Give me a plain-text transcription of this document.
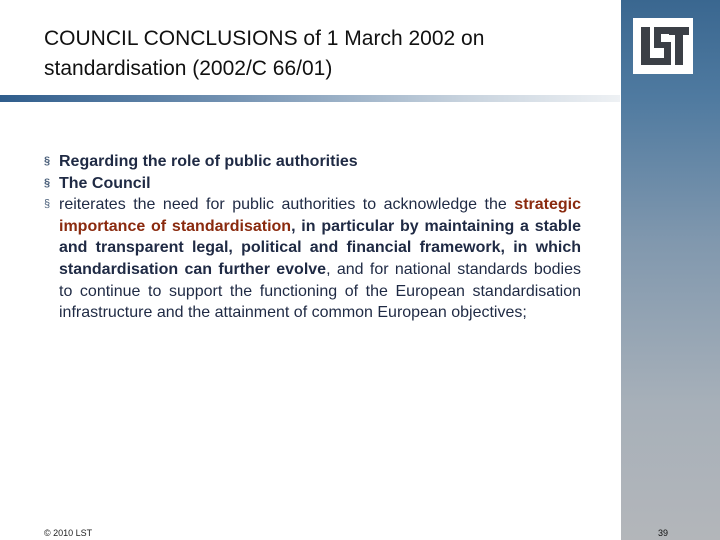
COUNCIL CONCLUSIONS of 1 March 2002 on
standardisation (2002/C 66/01)
§ Regarding the role of public authorities
§ The Council
§ reiterates the need for public authorities to acknowledge the strategic importance of standardisation, in particular by maintaining a stable and transparent legal, political and financial framework, in which standardisation can further evolve, and for national standards bodies to continue to support the functioning of the European standardisation infrastructure and the attainment of common European objectives;
© 2010 LST	39
